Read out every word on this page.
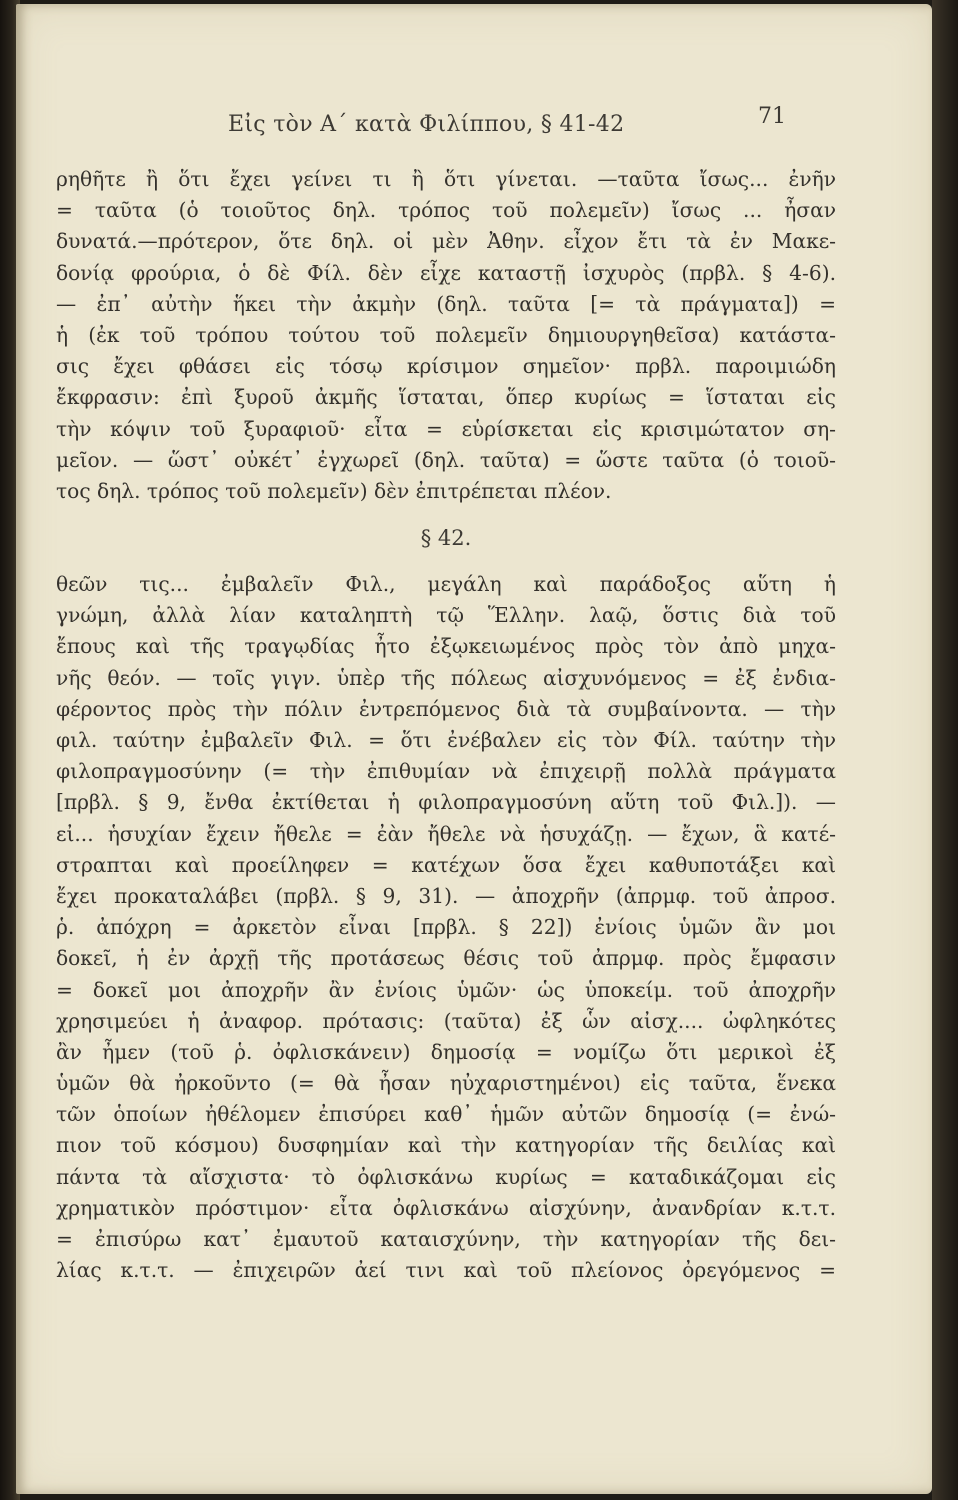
Εἰς τὸν Α΄ κατὰ Φιλίππου, § 41-42	71
ρηθῆτε ἢ ὅτι ἔχει γείνει τι ἢ ὅτι γίνεται. —ταῦτα ἴσως... ἐνῆν
= ταῦτα (ὁ τοιοῦτος δηλ. τρόπος τοῦ πολεμεῖν) ἴσως ... ἦσαν
δυνατά.—πρότερον, ὅτε δηλ. οἱ μὲν Ἀθην. εἶχον ἔτι τὰ ἐν Μακε-
δονίᾳ φρούρια, ὁ δὲ Φίλ. δὲν εἶχε καταστῇ ἰσχυρὸς (πρβλ. § 4-6).
— ἐπ᾽ αὐτὴν ἥκει τὴν ἀκμὴν (δηλ. ταῦτα [= τὰ πράγματα]) =
ἡ (ἐκ τοῦ τρόπου τούτου τοῦ πολεμεῖν δημιουργηθεῖσα) κατάστα-
σις ἔχει φθάσει εἰς τόσῳ κρίσιμον σημεῖον· πρβλ. παροιμιώδη
ἔκφρασιν: ἐπὶ ξυροῦ ἀκμῆς ἵσταται, ὅπερ κυρίως = ἵσταται εἰς
τὴν κόψιν τοῦ ξυραφιοῦ· εἶτα = εὑρίσκεται εἰς κρισιμώτατον ση-
μεῖον. — ὥστ᾽ οὐκέτ᾽ ἐγχωρεῖ (δηλ. ταῦτα) = ὥστε ταῦτα (ὁ τοιοῦ-
τος δηλ. τρόπος τοῦ πολεμεῖν) δὲν ἐπιτρέπεται πλέον.
§ 42.
θεῶν τις... ἐμβαλεῖν Φιλ., μεγάλη καὶ παράδοξος αὕτη ἡ
γνώμη, ἀλλὰ λίαν καταληπτὴ τῷ Ἕλλην. λαῷ, ὅστις διὰ τοῦ
ἔπους καὶ τῆς τραγῳδίας ἦτο ἐξῳκειωμένος πρὸς τὸν ἀπὸ μηχα-
νῆς θεόν. — τοῖς γιγν. ὑπὲρ τῆς πόλεως αἰσχυνόμενος = ἐξ ἐνδια-
φέροντος πρὸς τὴν πόλιν ἐντρεπόμενος διὰ τὰ συμβαίνοντα. — τὴν
φιλ. ταύτην ἐμβαλεῖν Φιλ. = ὅτι ἐνέβαλεν εἰς τὸν Φίλ. ταύτην τὴν
φιλοπραγμοσύνην (= τὴν ἐπιθυμίαν νὰ ἐπιχειρῇ πολλὰ πράγματα
[πρβλ. § 9, ἔνθα ἐκτίθεται ἡ φιλοπραγμοσύνη αὕτη τοῦ Φιλ.]). —
εἰ... ἡσυχίαν ἔχειν ἤθελε = ἐὰν ἤθελε νὰ ἡσυχάζῃ. — ἔχων, ἃ κατέ-
στραπται καὶ προείληφεν = κατέχων ὅσα ἔχει καθυποτάξει καὶ
ἔχει προκαταλάβει (πρβλ. § 9, 31). — ἀποχρῆν (ἀπρμφ. τοῦ ἀπροσ.
ῥ. ἀπόχρη = ἀρκετὸν εἶναι [πρβλ. § 22]) ἐνίοις ὑμῶν ἂν μοι
δοκεῖ, ἡ ἐν ἀρχῇ τῆς προτάσεως θέσις τοῦ ἀπρμφ. πρὸς ἔμφασιν
= δοκεῖ μοι ἀποχρῆν ἂν ἐνίοις ὑμῶν· ὡς ὑποκείμ. τοῦ ἀποχρῆν
χρησιμεύει ἡ ἀναφορ. πρότασις: (ταῦτα) ἐξ ὧν αἰσχ.... ὠφληκότες
ἂν ἦμεν (τοῦ ῥ. ὀφλισκάνειν) δημοσίᾳ = νομίζω ὅτι μερικοὶ ἐξ
ὑμῶν θὰ ἠρκοῦντο (= θὰ ἦσαν ηὐχαριστημένοι) εἰς ταῦτα, ἕνεκα
τῶν ὁποίων ἠθέλομεν ἐπισύρει καθ᾽ ἡμῶν αὐτῶν δημοσίᾳ (= ἐνώ-
πιον τοῦ κόσμου) δυσφημίαν καὶ τὴν κατηγορίαν τῆς δειλίας καὶ
πάντα τὰ αἴσχιστα· τὸ ὀφλισκάνω κυρίως = καταδικάζομαι εἰς
χρηματικὸν πρόστιμον· εἶτα ὀφλισκάνω αἰσχύνην, ἀνανδρίαν κ.τ.τ.
= ἐπισύρω κατ᾽ ἐμαυτοῦ καταισχύνην, τὴν κατηγορίαν τῆς δει-
λίας κ.τ.τ. — ἐπιχειρῶν ἀεί τινι καὶ τοῦ πλείονος ὀρεγόμενος =
